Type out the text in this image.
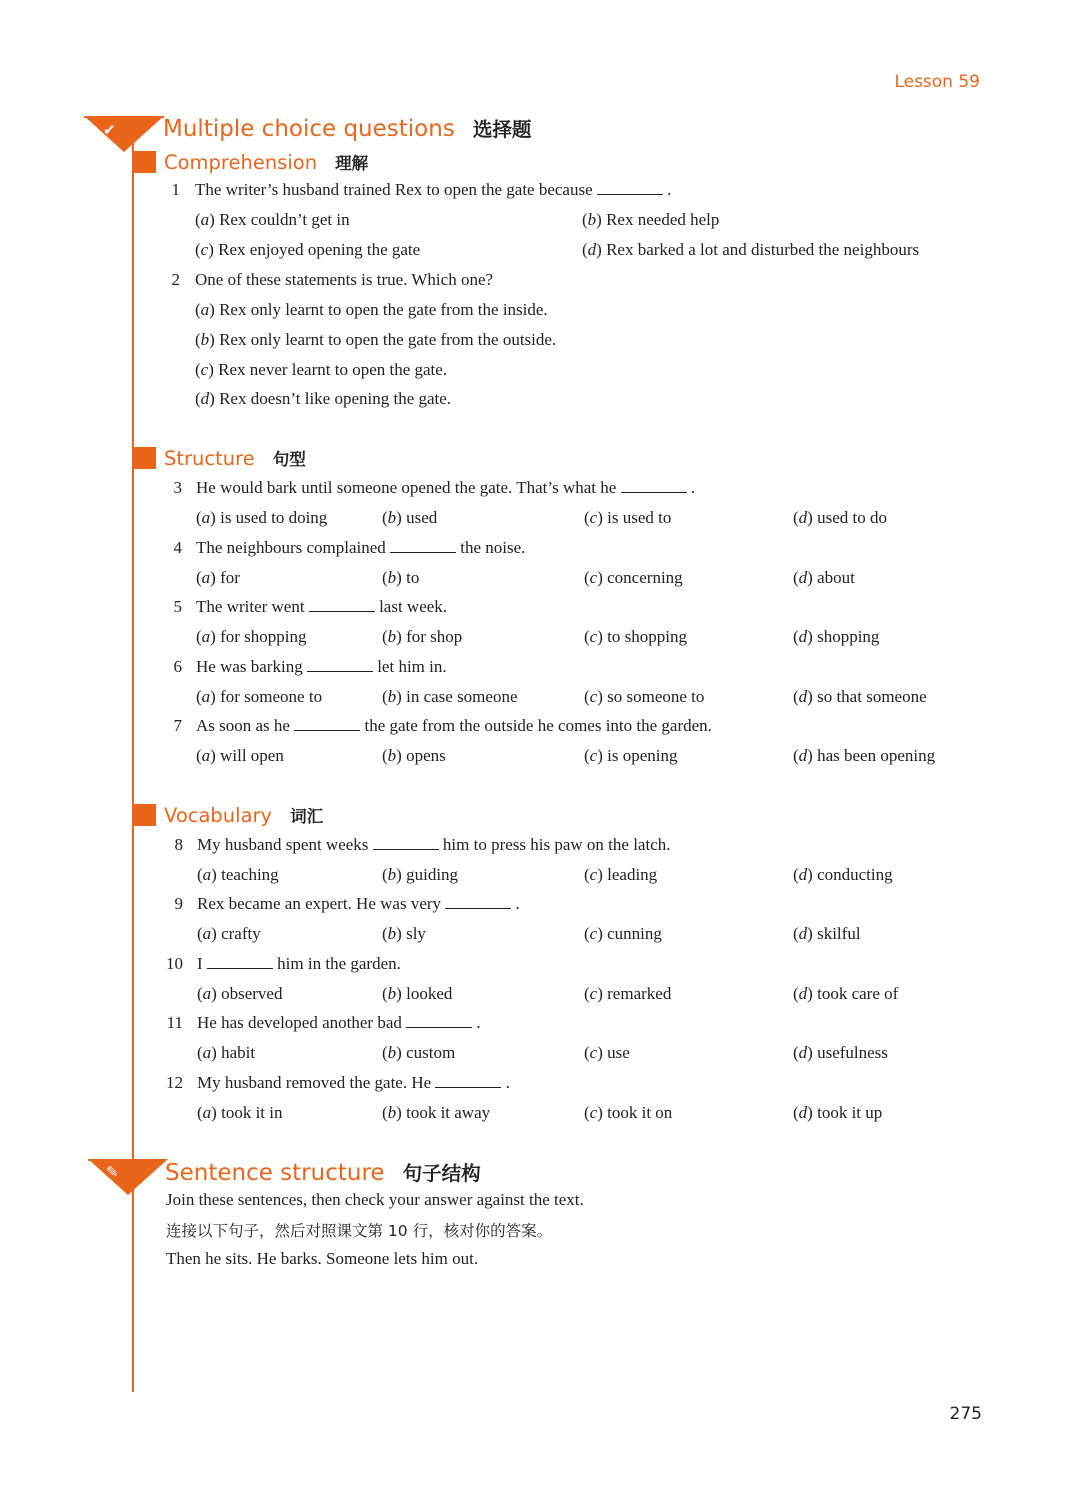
Lesson 59
✔ Multiple choice questions 选择题
Comprehension 理解
1 The writer’s husband trained Rex to open the gate because	.
(a) Rex couldn’t get in	(b) Rex needed help
(c) Rex enjoyed opening the gate	(d) Rex barked a lot and disturbed the neighbours
2 One of these statements is true. Which one?
(a) Rex only learnt to open the gate from the inside.
(b) Rex only learnt to open the gate from the outside.
(c) Rex never learnt to open the gate.
(d) Rex doesn’t like opening the gate.
Structure 句型
3 He would bark until someone opened the gate. That’s what he	.
(a) is used to doing	(b) used	(c) is used to	(d) used to do
4 The neighbours complained	the noise.
(a) for	(b) to	(c) concerning	(d) about
5 The writer went	last week.
(a) for shopping	(b) for shop	(c) to shopping	(d) shopping
6 He was barking	let him in.
(a) for someone to	(b) in case someone	(c) so someone to	(d) so that someone
7 As soon as he	the gate from the outside he comes into the garden.
(a) will open	(b) opens	(c) is opening	(d) has been opening
Vocabulary 词汇
8 My husband spent weeks	him to press his paw on the latch.
(a) teaching	(b) guiding	(c) leading	(d) conducting
9 Rex became an expert. He was very	.
(a) crafty	(b) sly	(c) cunning	(d) skilful
10 I	him in the garden.
(a) observed	(b) looked	(c) remarked	(d) took care of
11 He has developed another bad	.
(a) habit	(b) custom	(c) use	(d) usefulness
12 My husband removed the gate. He	.
(a) took it in	(b) took it away	(c) took it on	(d) took it up
✎ Sentence structure 句子结构
Join these sentences, then check your answer against the text.
连接以下句子，然后对照课文第 10 行，核对你的答案。
Then he sits. He barks. Someone lets him out.
275
